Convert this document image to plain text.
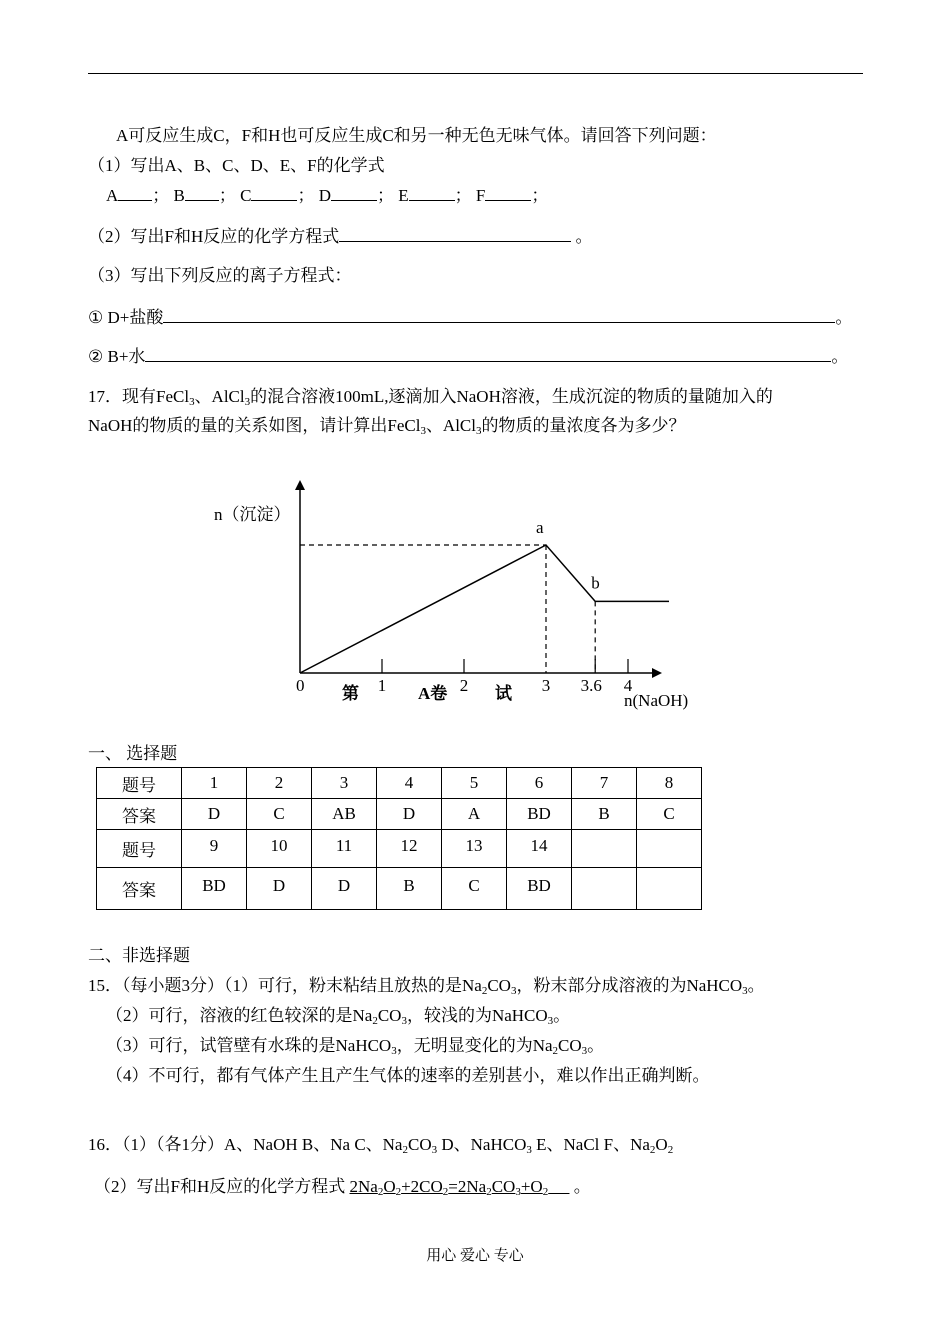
A可反应生成C，F和H也可反应生成C和另一种无色无味气体。请回答下列问题：
（1）写出A、B、C、D、E、F的化学式
A ； B ； C	； D	； E	； F	；
（2）写出F和H反应的化学方程式	。
（3）写出下列反应的离子方程式：
① D+盐酸	。
② B+水	。
17．现有FeCl$_3$、AlCl$_3$的混合溶液100mL,逐滴加入NaOH溶液，生成沉淀的物质的量随加入的
NaOH的物质的量的关系如图，请计算出FeCl$_3$、AlCl$_3$的物质的量浓度各为多少？
n（沉淀）
n(NaOH)
0	1	2	3 3.6 4
a
b
第	A卷	试
一、 选择题
题号	1	2	3	4	5	6	7	8
答案	D	C	AB	D	A	BD	B	C
题号	9	10	11	12	13	14		
答案	BD	D	D	B	C	BD		
二、非选择题
15．（每小题3分）（1）可行，粉末粘结且放热的是$Na_2CO_3$，粉末部分成溶液的为NaHCO$_3$。
（2）可行，溶液的红色较深的是$Na_2CO_3$，较浅的为NaHCO$_3$。
（3）可行，试管壁有水珠的是NaHCO$_3$，无明显变化的为$Na_2CO_3$。
（4）不可行，都有气体产生且产生气体的速率的差别甚小，难以作出正确判断。
16．（1）（各1分）A、NaOH B、Na C、$Na_2CO_3$ D、NaHCO$_3$ E、NaCl F、$Na_2O_2$
（2）写出F和H反应的化学方程式 $2Na_2O_2+2CO_2=2Na_2CO_3+O_2$ 。
用心 爱心 专心
